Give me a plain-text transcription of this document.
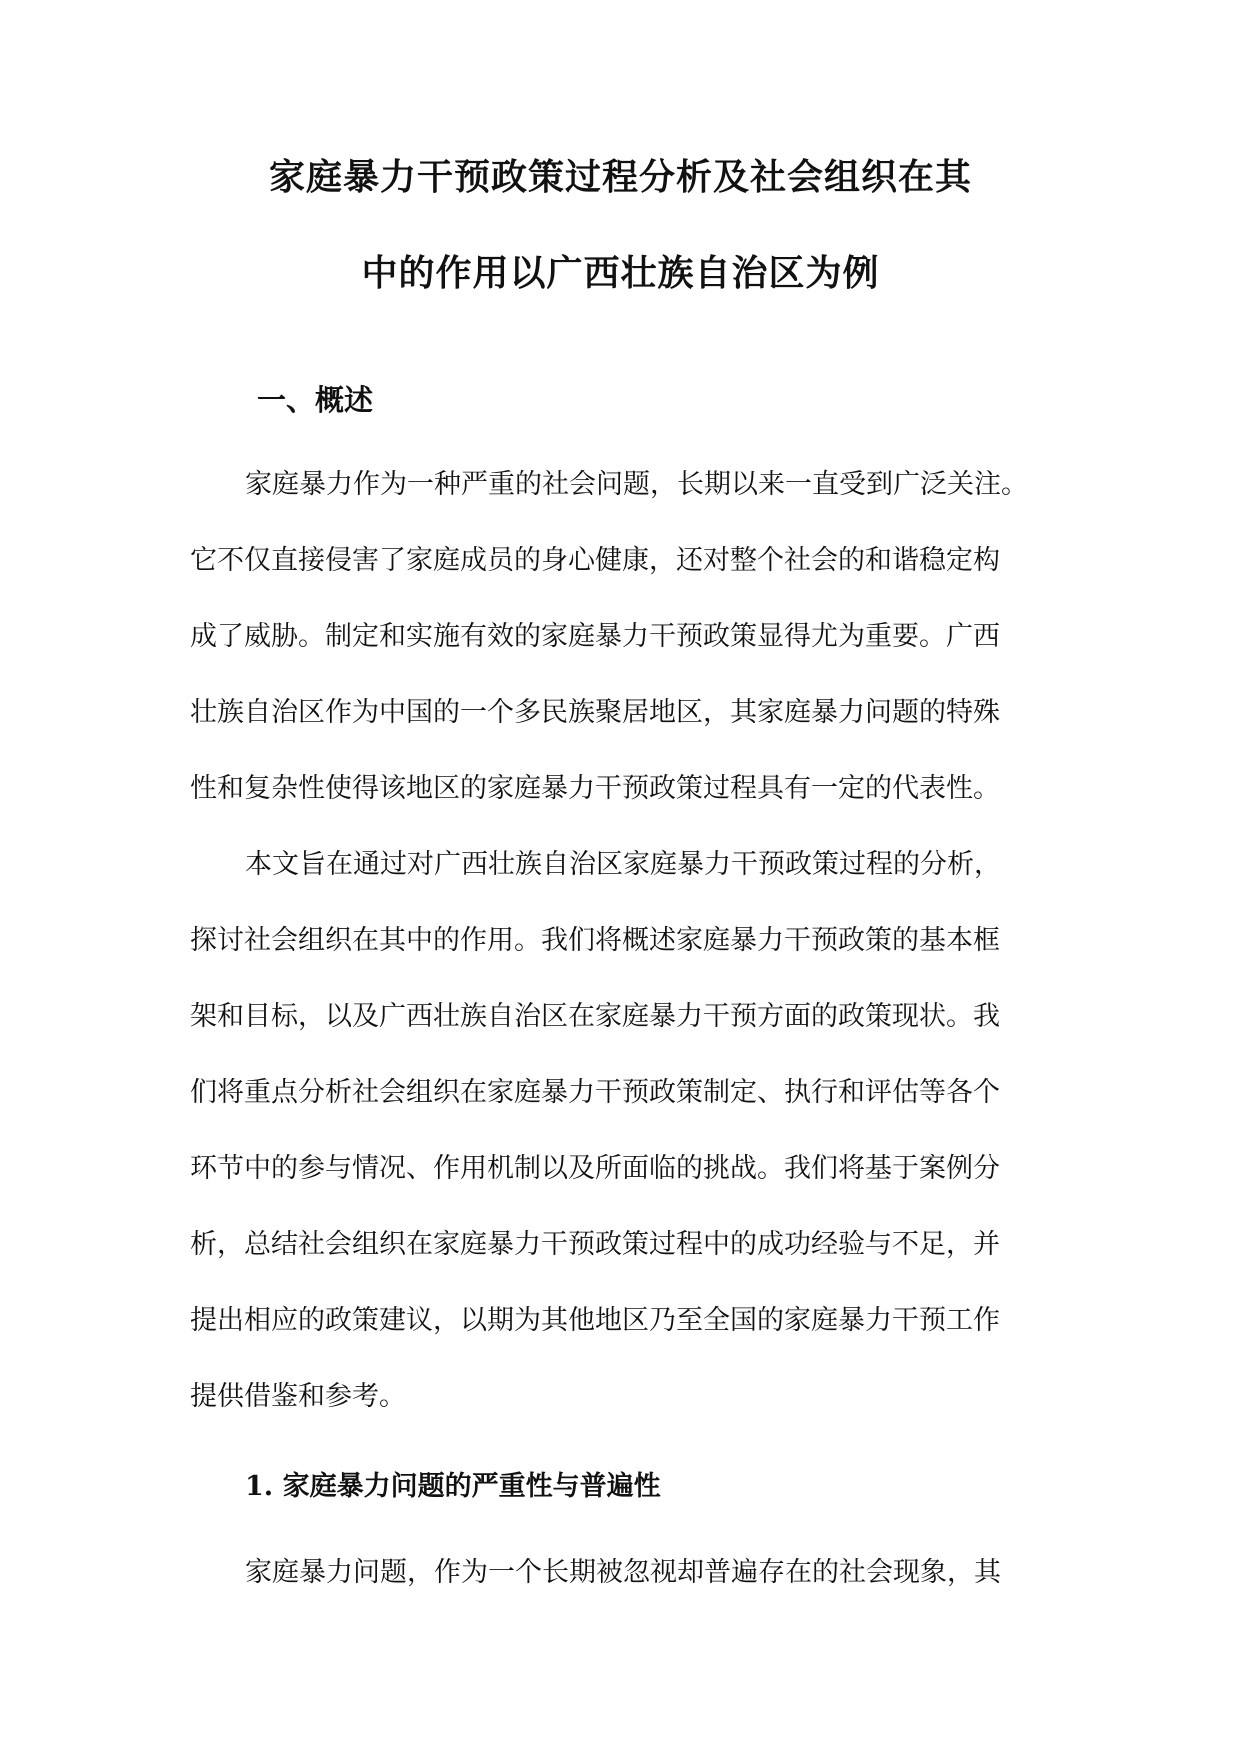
家庭暴力干预政策过程分析及社会组织在其
中的作用以广西壮族自治区为例
一、概述
家庭暴力作为一种严重的社会问题，长期以来一直受到广泛关注。
它不仅直接侵害了家庭成员的身心健康，还对整个社会的和谐稳定构
成了威胁。制定和实施有效的家庭暴力干预政策显得尤为重要。广西
壮族自治区作为中国的一个多民族聚居地区，其家庭暴力问题的特殊
性和复杂性使得该地区的家庭暴力干预政策过程具有一定的代表性。
本文旨在通过对广西壮族自治区家庭暴力干预政策过程的分析，
探讨社会组织在其中的作用。我们将概述家庭暴力干预政策的基本框
架和目标，以及广西壮族自治区在家庭暴力干预方面的政策现状。我
们将重点分析社会组织在家庭暴力干预政策制定、执行和评估等各个
环节中的参与情况、作用机制以及所面临的挑战。我们将基于案例分
析，总结社会组织在家庭暴力干预政策过程中的成功经验与不足，并
提出相应的政策建议，以期为其他地区乃至全国的家庭暴力干预工作
提供借鉴和参考。
1. 家庭暴力问题的严重性与普遍性
家庭暴力问题，作为一个长期被忽视却普遍存在的社会现象，其
